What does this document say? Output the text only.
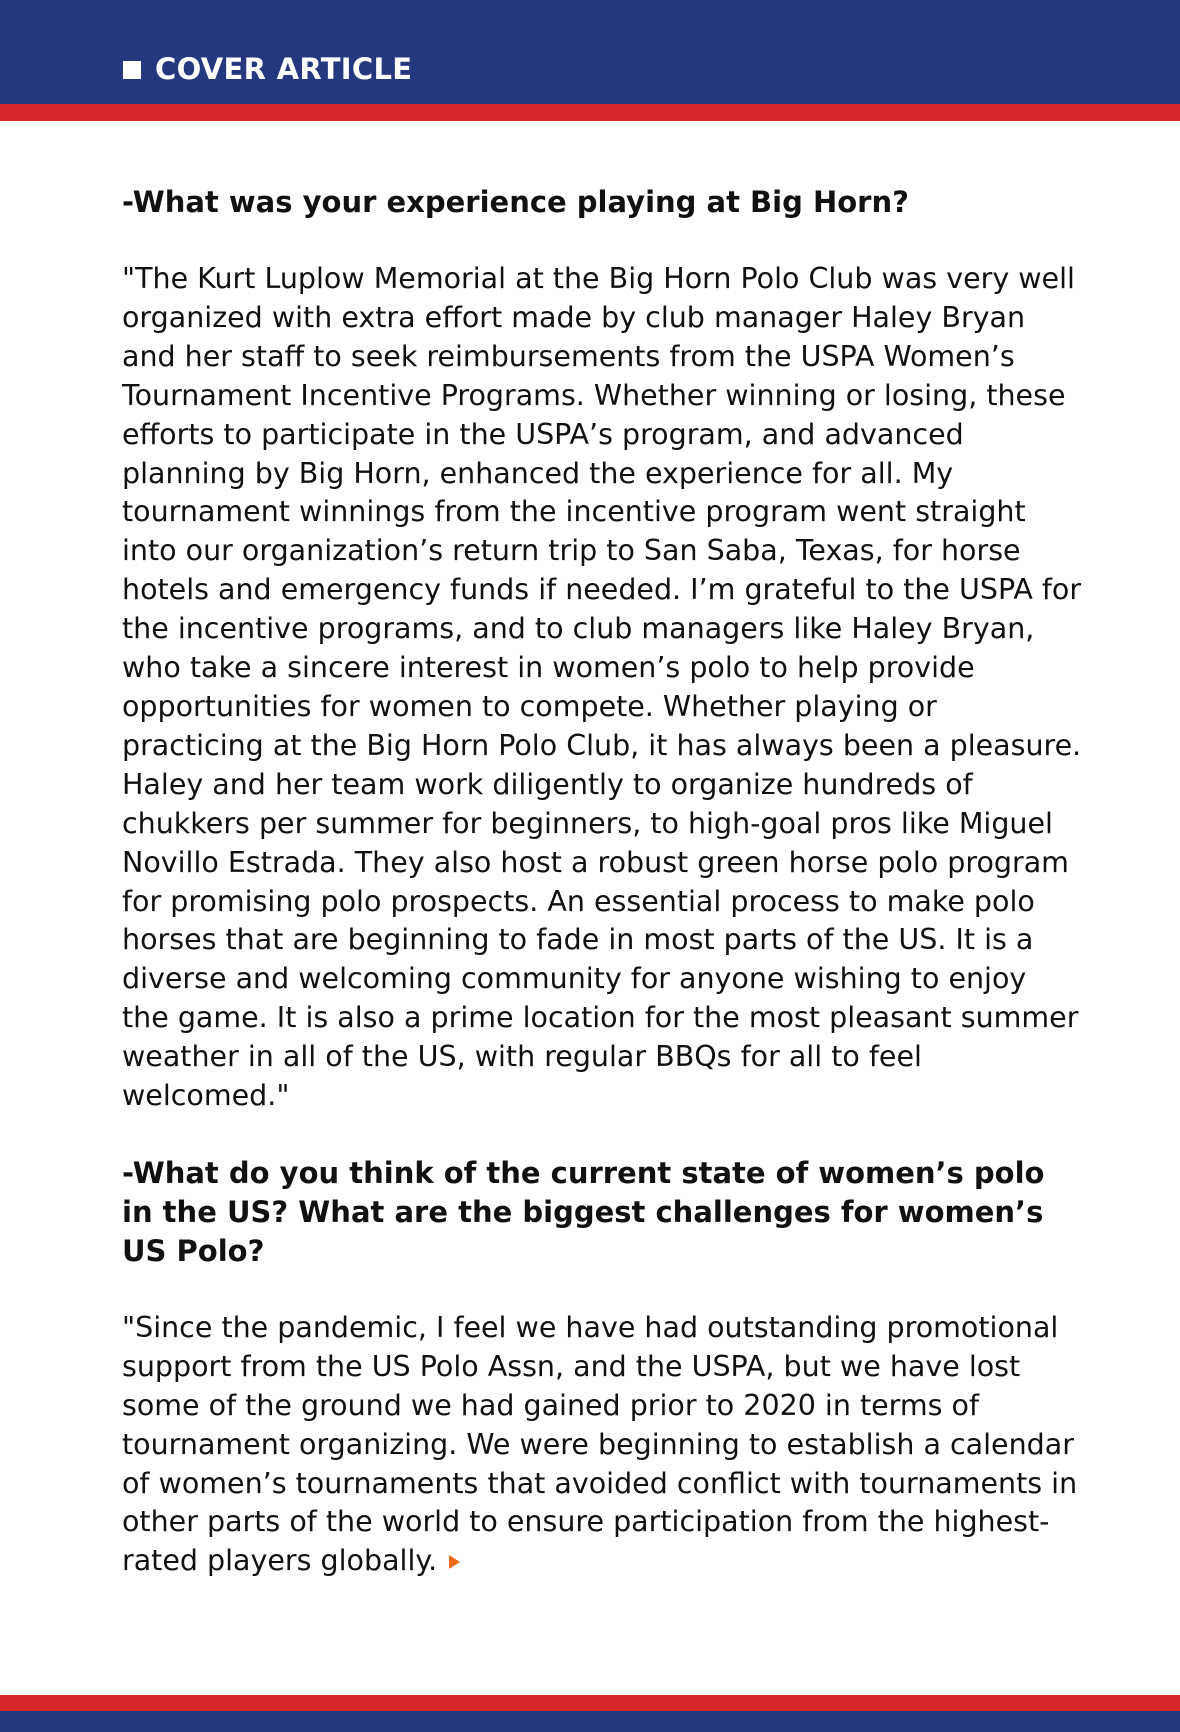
COVER ARTICLE

-What was your experience playing at Big Horn?

"The Kurt Luplow Memorial at the Big Horn Polo Club was very well organized with extra effort made by club manager Haley Bryan and her staff to seek reimbursements from the USPA Women’s Tournament Incentive Programs. Whether winning or losing, these efforts to participate in the USPA’s program, and advanced planning by Big Horn, enhanced the experience for all. My tournament winnings from the incentive program went straight into our organization’s return trip to San Saba, Texas, for horse hotels and emergency funds if needed. I’m grateful to the USPA for the incentive programs, and to club managers like Haley Bryan, who take a sincere interest in women’s polo to help provide opportunities for women to compete. Whether playing or practicing at the Big Horn Polo Club, it has always been a pleasure. Haley and her team work diligently to organize hundreds of chukkers per summer for beginners, to high-goal pros like Miguel Novillo Estrada. They also host a robust green horse polo program for promising polo prospects. An essential process to make polo horses that are beginning to fade in most parts of the US. It is a diverse and welcoming community for anyone wishing to enjoy the game. It is also a prime location for the most pleasant summer weather in all of the US, with regular BBQs for all to feel welcomed."

-What do you think of the current state of women’s polo in the US? What are the biggest challenges for women’s US Polo?

"Since the pandemic, I feel we have had outstanding promotional support from the US Polo Assn, and the USPA, but we have lost some of the ground we had gained prior to 2020 in terms of tournament organizing. We were beginning to establish a calendar of women’s tournaments that avoided conflict with tournaments in other parts of the world to ensure participation from the highest-rated players globally.
